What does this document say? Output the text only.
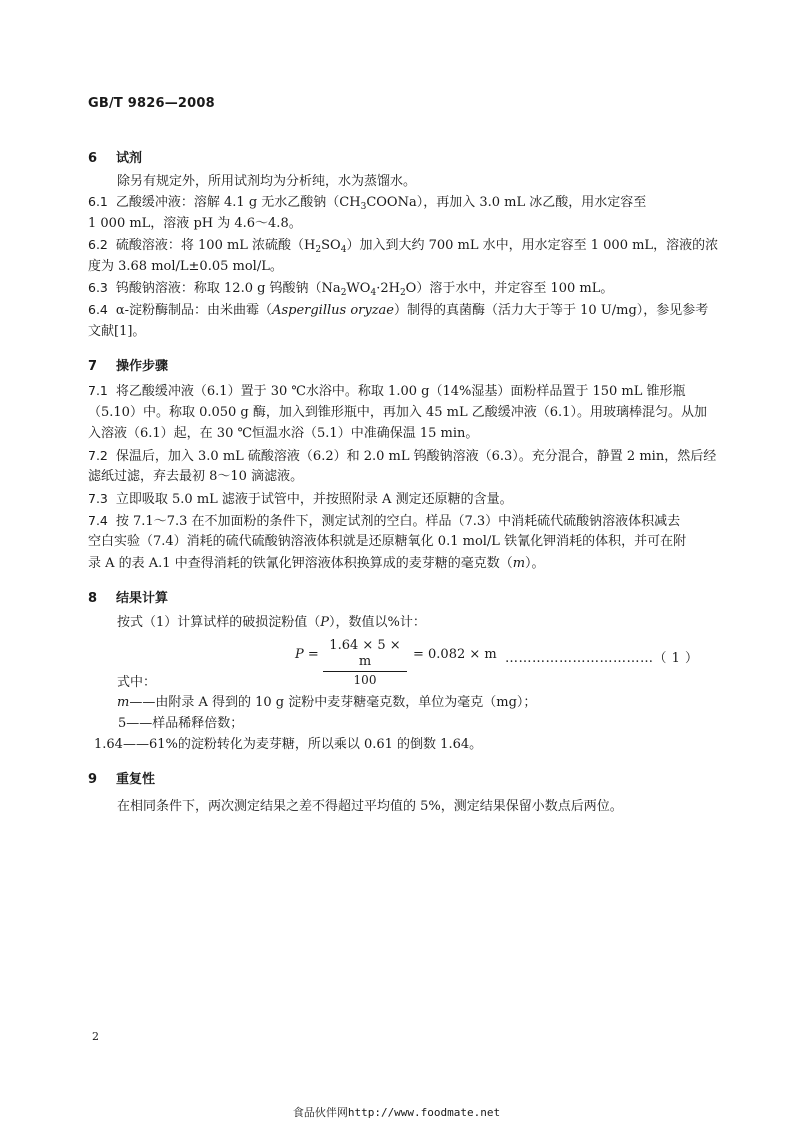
GB/T 9826—2008
6 试剂
除另有规定外，所用试剂均为分析纯，水为蒸馏水。
6.1 乙酸缓冲液：溶解 4.1 g 无水乙酸钠$(CH_3COONa)$，再加入 3.0 mL 冰乙酸，用水定容至
1 000 mL，溶液 pH 为 4.6～4.8。
6.2 硫酸溶液：将 100 mL 浓硫酸$(H_2SO_4)$加入到大约 700 mL 水中，用水定容至 1 000 mL，溶液的浓
度为 3.68 mol/L±0.05 mol/L。
6.3 钨酸钠溶液：称取 12.0 g 钨酸钠$(Na_2WO_4\cdot 2H_2O)$溶于水中，并定容至 100 mL。
6.4 α-淀粉酶制品：由米曲霉（Aspergillus oryzae）制得的真菌酶（活力大于等于 10 U/mg），参见参考
文献[1]。
7 操作步骤
7.1 将乙酸缓冲液（6.1）置于 30 ℃水浴中。称取 1.00 g（14%湿基）面粉样品置于 150 mL 锥形瓶
（5.10）中。称取 0.050 g 酶，加入到锥形瓶中，再加入 45 mL 乙酸缓冲液（6.1）。用玻璃棒混匀。从加
入溶液（6.1）起，在 30 ℃恒温水浴（5.1）中准确保温 15 min。
7.2 保温后，加入 3.0 mL 硫酸溶液（6.2）和 2.0 mL 钨酸钠溶液（6.3）。充分混合，静置 2 min，然后经
滤纸过滤，弃去最初 8～10 滴滤液。
7.3 立即吸取 5.0 mL 滤液于试管中，并按照附录 A 测定还原糖的含量。
7.4 按 7.1～7.3 在不加面粉的条件下，测定试剂的空白。样品（7.3）中消耗硫代硫酸钠溶液体积减去
空白实验（7.4）消耗的硫代硫酸钠溶液体积就是还原糖氧化 0.1 mol/L 铁氰化钾消耗的体积，并可在附
录 A 的表 A.1 中查得消耗的铁氰化钾溶液体积换算成的麦芽糖的毫克数（m）。
8 结果计算
按式（1）计算试样的破损淀粉值（P），数值以%计：
$P = \frac{1.64 \times 5 \times m}{100} = 0.082 \times m$ ……………………………（ 1 ）
式中：
m——由附录 A 得到的 10 g 淀粉中麦芽糖毫克数，单位为毫克（mg）；
5——样品稀释倍数；
1.64——61%的淀粉转化为麦芽糖，所以乘以 0.61 的倒数 1.64。
9 重复性
在相同条件下，两次测定结果之差不得超过平均值的 5%，测定结果保留小数点后两位。
2
食品伙伴网http://www.foodmate.net
